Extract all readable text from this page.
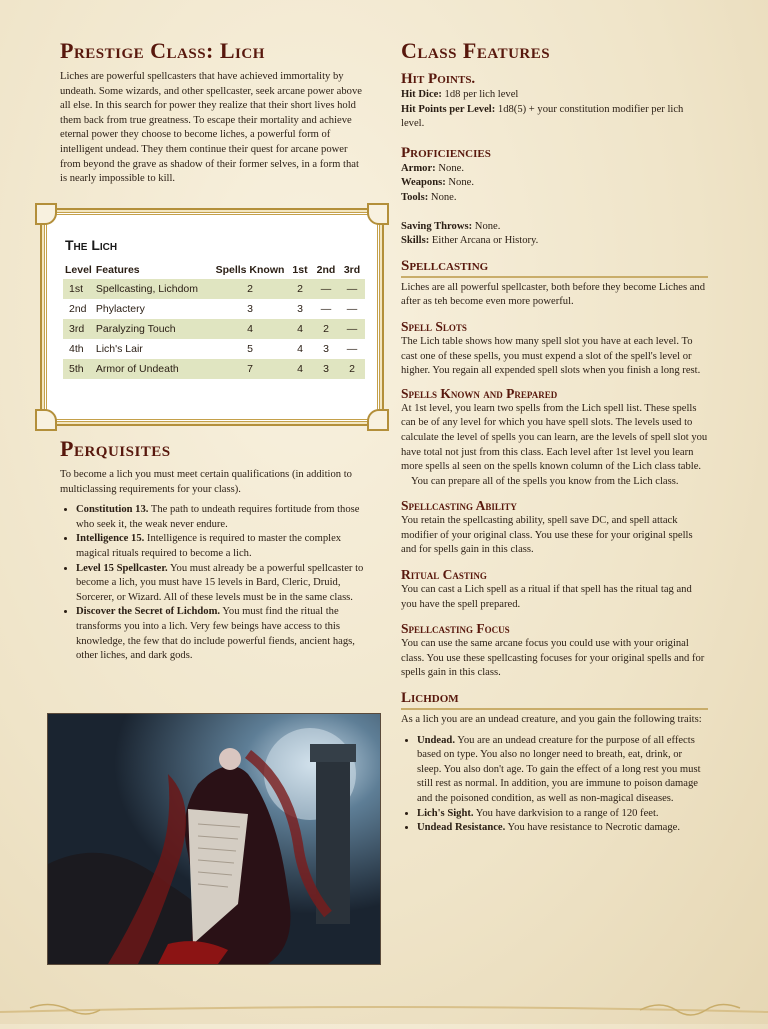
Prestige Class: Lich

Liches are powerful spellcasters that have achieved immortality by undeath. Some wizards, and other spellcaster, seek arcane power above all else. In this search for power they realize that their short lives hold them back from true greatness. To escape their mortality and achieve eternal power they choose to become liches, a powerful form of intelligent undead. They them continue their quest for arcane power from beyond the grave as shadow of their former selves, in a form that is nearly impossible to kill.

The Lich
Level	Features	Spells Known	1st	2nd	3rd
1st	Spellcasting, Lichdom	2	2	—	—
2nd	Phylactery	3	3	—	—
3rd	Paralyzing Touch	4	4	2	—
4th	Lich's Lair	5	4	3	—
5th	Armor of Undeath	7	4	3	2
Perquisites

To become a lich you must meet certain qualifications (in addition to multiclassing requirements for your class).

• Constitution 13. The path to undeath requires fortitude from those who seek it, the weak never endure.
• Intelligence 15. Intelligence is required to master the complex magical rituals required to become a lich.
• Level 15 Spellcaster. You must already be a powerful spellcaster to become a lich, you must have 15 levels in Bard, Cleric, Druid, Sorcerer, or Wizard. All of these levels must be in the same class.
• Discover the Secret of Lichdom. You must find the ritual the transforms you into a lich. Very few beings have access to this knowledge, the few that do include powerful fiends, ancient hags, other liches, and dark gods.
Class Features
Hit Points.

Hit Dice: 1d8 per lich level

Hit Points per Level: 1d8(5) + your constitution modifier per lich level.

Proficiencies

Armor: None.

Weapons: None.

Tools: None.

Saving Throws: None.

Skills: Either Arcana or History.

Spellcasting

Liches are all powerful spellcaster, both before they become Liches and after as teh become even more powerful.

Spell Slots

The Lich table shows how many spell slot you have at each level. To cast one of these spells, you must expend a slot of the spell's level or higher. You regain all expended spell slots when you finish a long rest.

Spells Known and Prepared

At 1st level, you learn two spells from the Lich spell list. These spells can be of any level for which you have spell slots. The levels used to calculate the level of spells you can learn, are the levels of spell slot you have total not just from this class. Each level after 1st level you learn more spells al seen on the spells known column of the Lich class table.

You can prepare all of the spells you know from the Lich class.

Spellcasting Ability

You retain the spellcasting ability, spell save DC, and spell attack modifier of your original class. You use these for your original spells and for spells gain in this class.

Ritual Casting

You can cast a Lich spell as a ritual if that spell has the ritual tag and you have the spell prepared.

Spellcasting Focus

You can use the same arcane focus you could use with your original class. You use these spellcasting focuses for your original spells and for spells gain in this class.

Lichdom

As a lich you are an undead creature, and you gain the following traits:

• Undead. You are an undead creature for the purpose of all effects based on type. You also no longer need to breath, eat, drink, or sleep. You also don't age. To gain the effect of a long rest you must still rest as normal. In addition, you are immune to poison damage and the poisoned condition, as well as non-magical diseases.
• Lich's Sight. You have darkvision to a range of 120 feet.
• Undead Resistance. You have resistance to Necrotic damage.
